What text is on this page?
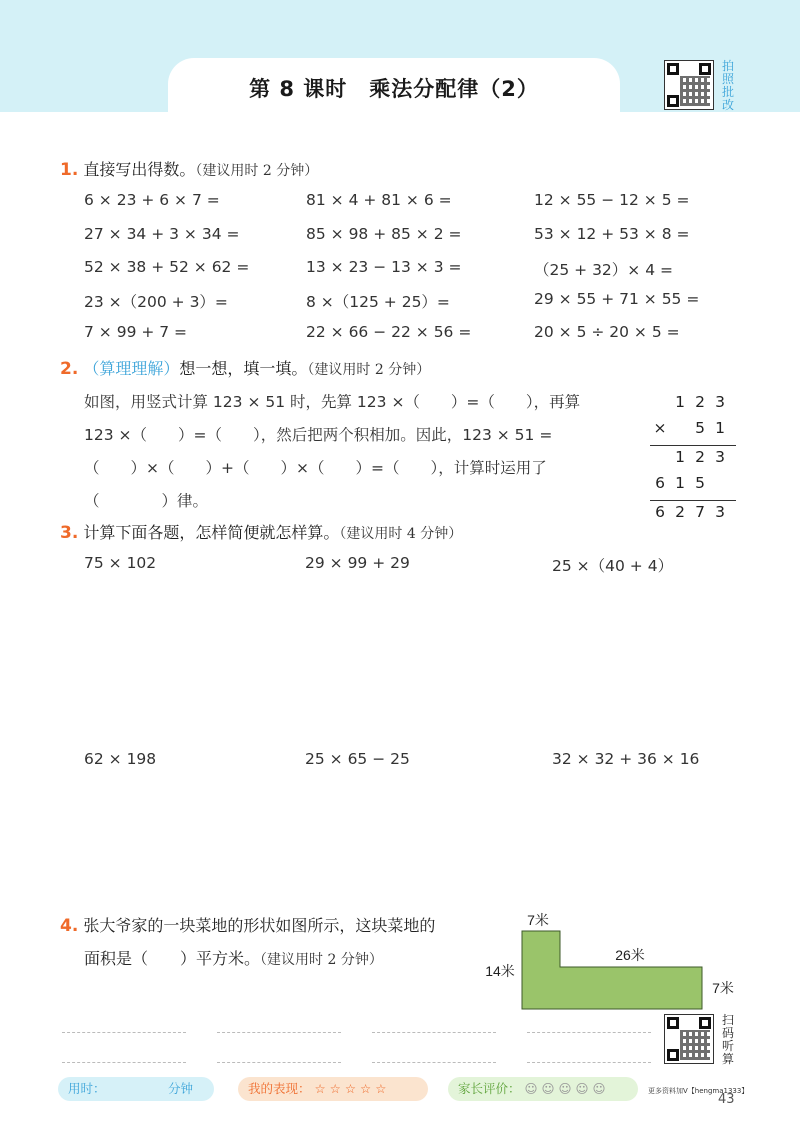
第 8 课时　乘法分配律（2）
拍
照
批
改
1. 直接写出得数。（建议用时 2 分钟）
6 × 23 + 6 × 7 =	81 × 4 + 81 × 6 =	12 × 55 − 12 × 5 =
27 × 34 + 3 × 34 =	85 × 98 + 85 × 2 =	53 × 12 + 53 × 8 =
52 × 38 + 52 × 62 =	13 × 23 − 13 × 3 =	（25 + 32）× 4 =
23 ×（200 + 3）=	8 ×（125 + 25）=	29 × 55 + 71 × 55 =
7 × 99 + 7 =	22 × 66 − 22 × 56 =	20 × 5 ÷ 20 × 5 =
2. （算理理解）想一想，填一填。（建议用时 2 分钟）
如图，用竖式计算 123 × 51 时，先算 123 ×（　　）=（　　），再算
123 ×（　　）=（　　），然后把两个积相加。因此，123 × 51 =
（　　）×（　　）+（　　）×（　　）=（　　），计算时运用了
（　　　　）律。
1 2 3
× 5 1
1 2 3
6 1 5
6 2 7 3
3. 计算下面各题，怎样简便就怎样算。（建议用时 4 分钟）
75 × 102	29 × 99 + 29	25 ×（40 + 4）
62 × 198	25 × 65 − 25	32 × 32 + 36 × 16
4. 张大爷家的一块菜地的形状如图所示，这块菜地的
面积是（　　）平方米。（建议用时 2 分钟）
7米
26米
14米
7米
扫
码
听
算
用时：	分钟	我的表现： ☆ ☆ ☆ ☆ ☆	家长评价： ☺ ☺ ☺ ☺ ☺	更多资料加V【hengma1333】
43
